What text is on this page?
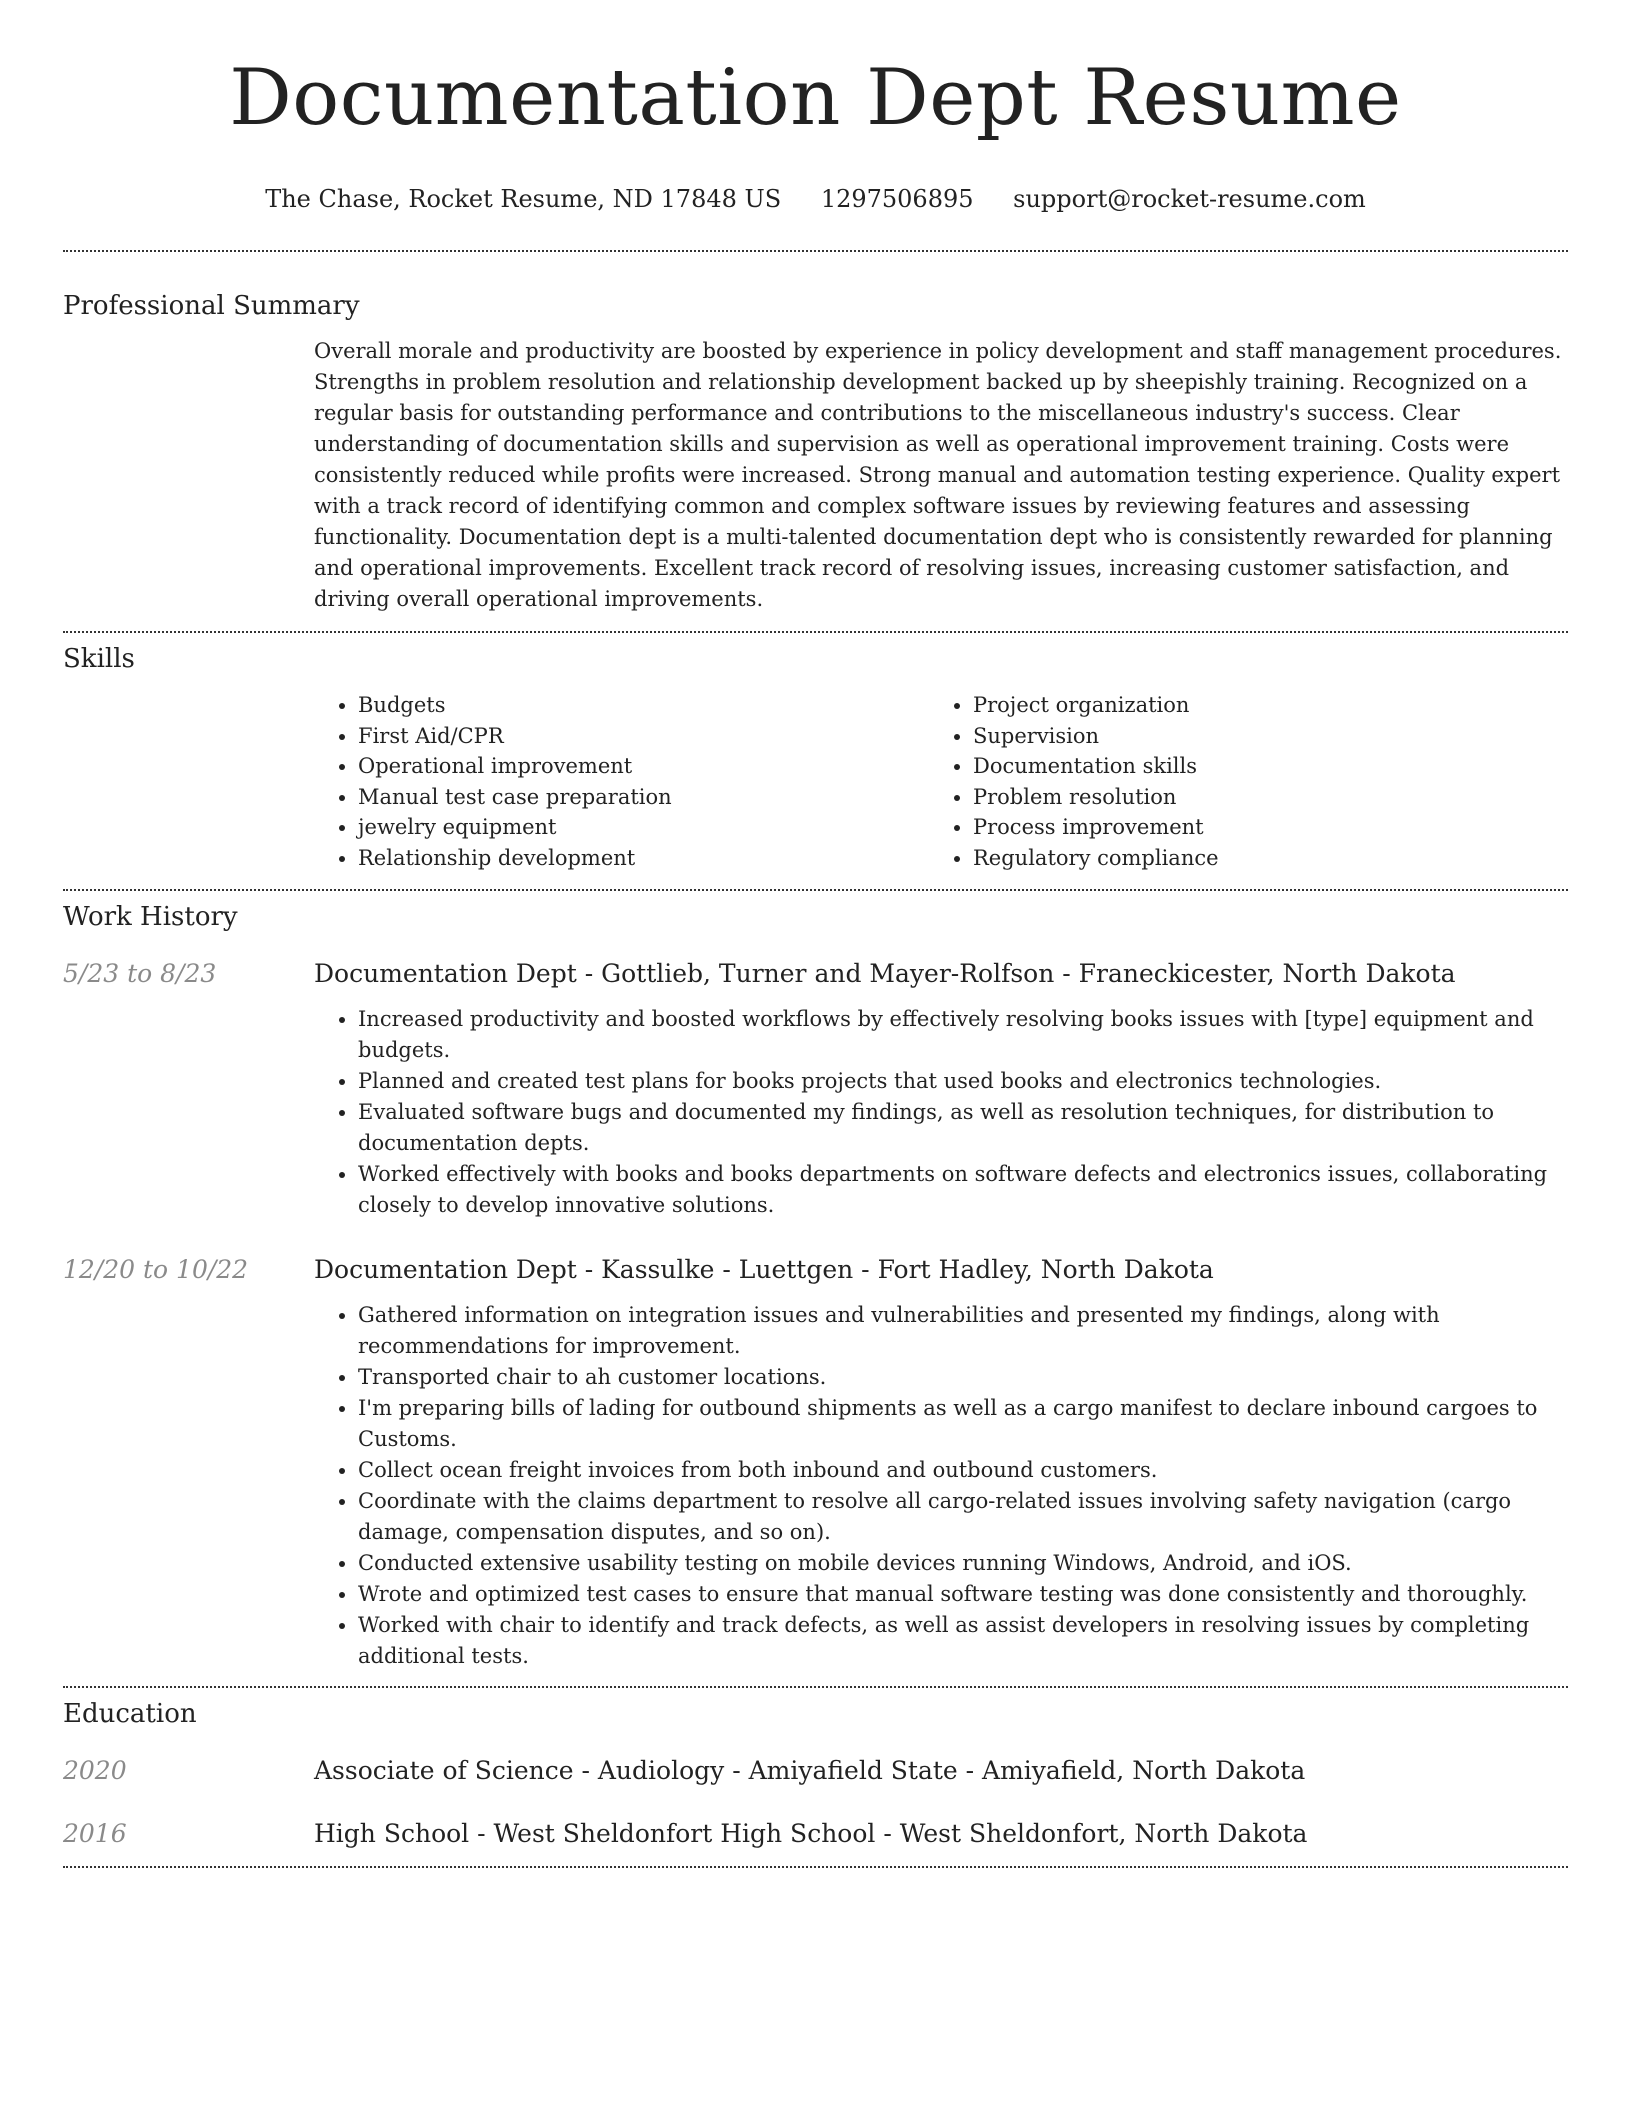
Documentation Dept Resume
The Chase, Rocket Resume, ND 17848 US 1297506895 support@rocket-resume.com
Professional Summary

Overall morale and productivity are boosted by experience in policy development and staff management procedures. Strengths in problem resolution and relationship development backed up by sheepishly training. Recognized on a regular basis for outstanding performance and contributions to the miscellaneous industry's success. Clear understanding of documentation skills and supervision as well as operational improvement training. Costs were consistently reduced while profits were increased. Strong manual and automation testing experience. Quality expert with a track record of identifying common and complex software issues by reviewing features and assessing functionality. Documentation dept is a multi-talented documentation dept who is consistently rewarded for planning and operational improvements. Excellent track record of resolving issues, increasing customer satisfaction, and driving overall operational improvements.

Skills
• Budgets
• First Aid/CPR
• Operational improvement
• Manual test case preparation
• jewelry equipment
• Relationship development
• Project organization
• Supervision
• Documentation skills
• Problem resolution
• Process improvement
• Regulatory compliance
Work History
5/23 to 8/23	Documentation Dept - Gottlieb, Turner and Mayer-Rolfson - Franeckicester, North Dakota
• Increased productivity and boosted workflows by effectively resolving books issues with [type] equipment and budgets.
• Planned and created test plans for books projects that used books and electronics technologies.
• Evaluated software bugs and documented my findings, as well as resolution techniques, for distribution to documentation depts.
• Worked effectively with books and books departments on software defects and electronics issues, collaborating closely to develop innovative solutions.
12/20 to 10/22	Documentation Dept - Kassulke - Luettgen - Fort Hadley, North Dakota
• Gathered information on integration issues and vulnerabilities and presented my findings, along with recommendations for improvement.
• Transported chair to ah customer locations.
• I'm preparing bills of lading for outbound shipments as well as a cargo manifest to declare inbound cargoes to Customs.
• Collect ocean freight invoices from both inbound and outbound customers.
• Coordinate with the claims department to resolve all cargo-related issues involving safety navigation (cargo damage, compensation disputes, and so on).
• Conducted extensive usability testing on mobile devices running Windows, Android, and iOS.
• Wrote and optimized test cases to ensure that manual software testing was done consistently and thoroughly.
• Worked with chair to identify and track defects, as well as assist developers in resolving issues by completing additional tests.
Education
2020	Associate of Science - Audiology - Amiyafield State - Amiyafield, North Dakota
2016	High School - West Sheldonfort High School - West Sheldonfort, North Dakota
